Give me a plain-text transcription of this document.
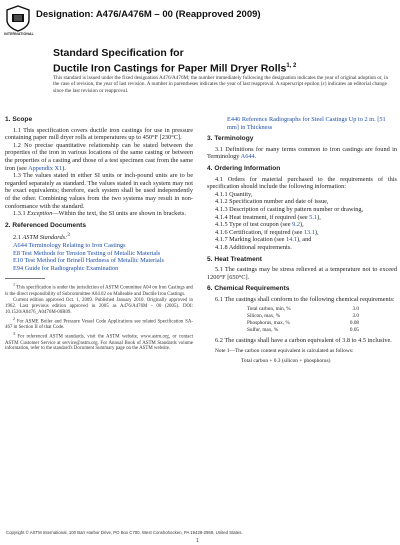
INTERNATIONAL
Designation: A476/A476M – 00 (Reapproved 2009)
Standard Specification for
Ductile Iron Castings for Paper Mill Dryer Rolls$^{1, 2}$

This standard is issued under the fixed designation A476/A476M; the number immediately following the designation indicates the year of original adoption or, in the case of revision, the year of last revision. A number in parentheses indicates the year of last reapproval. A superscript epsilon (ε) indicates an editorial change since the last revision or reapproval.

1. Scope

1.1 This specification covers ductile iron castings for use in pressure containing paper mill dryer rolls at temperatures up to 450°F [230°C].

1.2 No precise quantitative relationship can be stated between the properties of the iron in various locations of the same casting or between the properties of a casting and those of a test specimen cast from the same iron (see Appendix X1).

1.3 The values stated in either SI units or inch-pound units are to be regarded separately as standard. The values stated in each system may not be exact equivalents; therefore, each system shall be used independently of the other. Combining values from the two systems may result in non-conformance with the standard.

1.3.1 Exception—Within the text, the SI units are shown in brackets.

2. Referenced Documents

2.1 ASTM Standards:$^3$

A644 Terminology Relating to Iron Castings
E8 Test Methods for Tension Testing of Metallic Materials
E10 Test Method for Brinell Hardness of Metallic Materials
E94 Guide for Radiographic Examination

$^1$ This specification is under the jurisdiction of ASTM Committee A04 on Iron Castings and is the direct responsibility of Subcommittee A04.02 on Malleable and Ductile Iron Castings.

Current edition approved Oct. 1, 2009. Published January 2010. Originally approved in 1962. Last previous edition approved in 2005 as A476/A476M - 00 (2005). DOI: 10.1520/A0476_A0476M-00R09.

$^2$ For ASME Boiler and Pressure Vessel Code Applications see related Specification SA-467 in Section II of that Code.

$^3$ For referenced ASTM standards, visit the ASTM website, www.astm.org, or contact ASTM Customer Service at service@astm.org. For Annual Book of ASTM Standards volume information, refer to the standard's Document Summary page on the ASTM website.

E446 Reference Radiographs for Steel Castings Up to 2 in. [51 mm] in Thickness
3. Terminology

3.1 Definitions for many terms common to iron castings are found in Terminology A644.

4. Ordering Information

4.1 Orders for material purchased to the requirements of this specification should include the following information:

4.1.1 Quantity,
4.1.2 Specification number and date of issue,
4.1.3 Description of casting by pattern number or drawing,
4.1.4 Heat treatment, if required (see 5.1),
4.1.5 Type of test coupon (see 9.2),
4.1.6 Certification, if required (see 13.1),
4.1.7 Marking location (see 14.1), and
4.1.8 Additional requirements.
5. Heat Treatment

5.1 The castings may be stress relieved at a temperature not to exceed 1200°F [650°C].

6. Chemical Requirements

6.1 The castings shall conform to the following chemical requirements:

Total carbon, min, %	3.0
Silicon, max, %	3.0
Phosphorus, max, %	0.08
Sulfur, max, %	0.05

6.2 The castings shall have a carbon equivalent of 3.8 to 4.5 inclusive.

Note 1—The carbon content equivalent is calculated as follows:
Total carbon + 0.3 (silicon + phosphorus)
Copyright © ASTM International, 100 Barr Harbor Drive, PO Box C700, West Conshohocken, PA 19428-2959, United States.
1
